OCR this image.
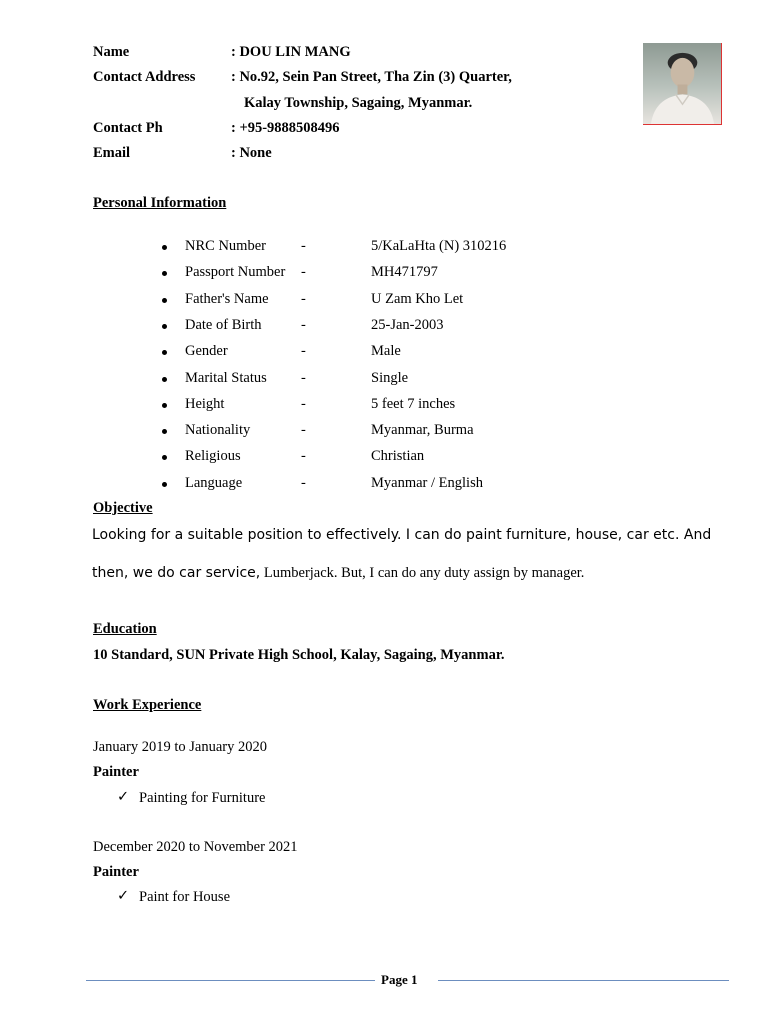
Name	: DOU LIN MANG
Contact Address : No.92, Sein Pan Street, Tha Zin (3) Quarter,
Kalay Township, Sagaing, Myanmar.
Contact Ph	: +95-9888508496
Email	: None
Personal Information
NRC Number -	5/KaLaHta (N) 310216
Passport Number -	MH471797
Father's Name -	U Zam Kho Let
Date of Birth	-	25-Jan-2003
Gender	-	Male
Marital Status -	Single
Height	-	5 feet 7 inches
Nationality	-	Myanmar, Burma
Religious	-	Christian
Language	-	Myanmar / English
Objective
Looking for a suitable position to effectively. I can do paint furniture, house, car etc. And
then, we do car service, Lumberjack. But, I can do any duty assign by manager.
Education
10 Standard, SUN Private High School, Kalay, Sagaing, Myanmar.
Work Experience
January 2019 to January 2020
Painter
✓ Painting for Furniture
December 2020 to November 2021
Painter
✓ Paint for House
Page 1
